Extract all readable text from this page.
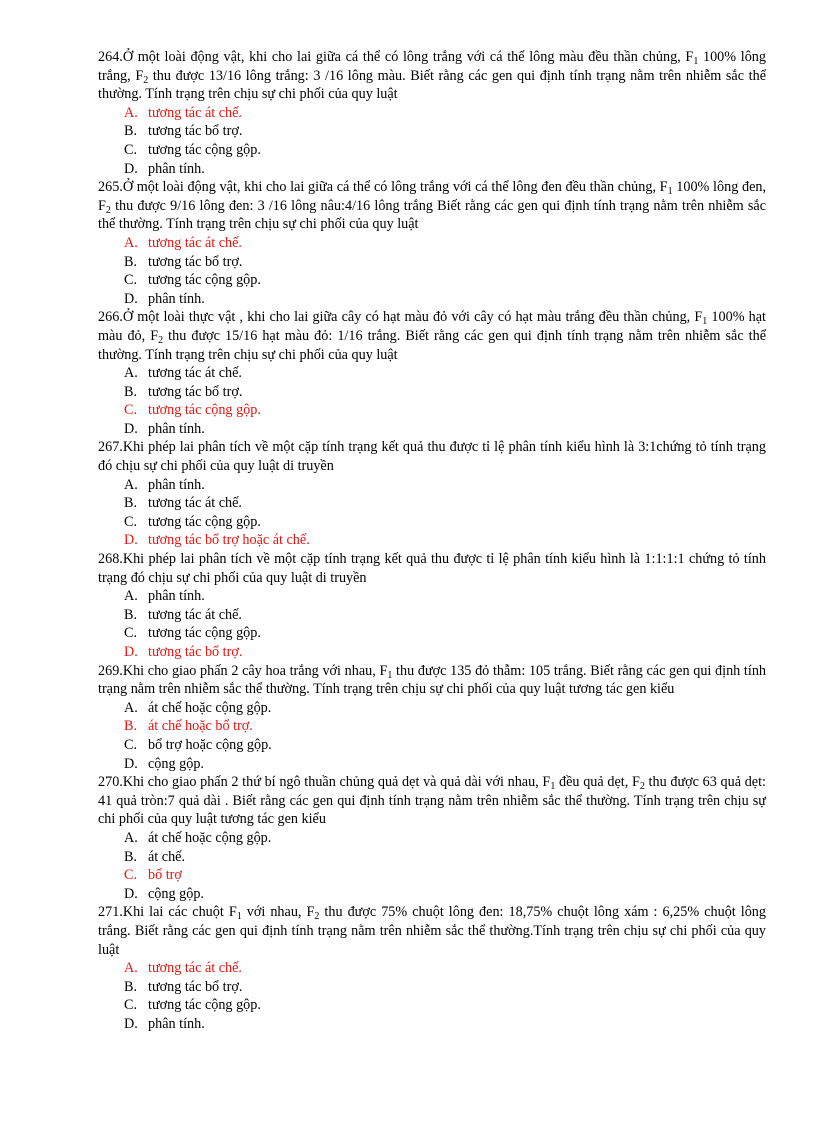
264.Ở một loài động vật, khi cho lai giữa cá thể có lông trắng với cá thể lông màu đều thần chủng, $F_1$ 100% lông trắng, $F_2$ thu được 13/16 lông trắng: 3 /16 lông màu. Biết rằng các gen qui định tính trạng nằm trên nhiễm sắc thể thường. Tính trạng trên chịu sự chi phối của quy luật
A. tương tác át chế.
B. tương tác bổ trợ.
C. tương tác cộng gộp.
D. phân tính.
265.Ở một loài động vật, khi cho lai giữa cá thể có lông trắng với cá thể lông đen đều thần chủng, $F_1$ 100% lông đen, $F_2$ thu được 9/16 lông đen: 3 /16 lông nâu:4/16 lông trắng Biết rằng các gen qui định tính trạng nằm trên nhiễm sắc thể thường. Tính trạng trên chịu sự chi phối của quy luật
A. tương tác át chế.
B. tương tác bổ trợ.
C. tương tác cộng gộp.
D. phân tính.
266.Ở một loài thực vật , khi cho lai giữa cây có hạt màu đỏ với cây có hạt màu trắng đều thần chủng, $F_1$ 100% hạt màu đỏ, $F_2$ thu được 15/16 hạt màu đỏ: 1/16 trắng. Biết rằng các gen qui định tính trạng nằm trên nhiễm sắc thể thường. Tính trạng trên chịu sự chi phối của quy luật
A. tương tác át chế.
B. tương tác bổ trợ.
C. tương tác cộng gộp.
D. phân tính.
267.Khi phép lai phân tích về một cặp tính trạng kết quả thu được tỉ lệ phân tính kiểu hình là 3:1chứng tỏ tính trạng đó chịu sự chi phối của quy luật di truyền
A. phân tính.
B. tương tác át chế.
C. tương tác cộng gộp.
D. tương tác bổ trợ hoặc át chế.
268.Khi phép lai phân tích về một cặp tính trạng kết quả thu được tỉ lệ phân tính kiểu hình là 1:1:1:1 chứng tỏ tính trạng đó chịu sự chi phối của quy luật di truyền
A. phân tính.
B. tương tác át chế.
C. tương tác cộng gộp.
D. tương tác bổ trợ.
269.Khi cho giao phấn 2 cây hoa trắng với nhau, $F_1$ thu được 135 đỏ thẫm: 105 trắng. Biết rằng các gen qui định tính trạng nằm trên nhiễm sắc thể thường. Tính trạng trên chịu sự chi phối của quy luật tương tác gen kiểu
A. át chế hoặc cộng gộp.
B. át chế hoặc bổ trợ.
C. bổ trợ hoặc cộng gộp.
D. cộng gộp.
270.Khi cho giao phấn 2 thứ bí ngô thuần chủng quả dẹt và quả dài với nhau, $F_1$ đều quả dẹt, $F_2$ thu được 63 quả dẹt: 41 quả tròn:7 quả dài . Biết rằng các gen qui định tính trạng nằm trên nhiễm sắc thể thường. Tính trạng trên chịu sự chi phối của quy luật tương tác gen kiểu
A. át chế hoặc cộng gộp.
B. át chế.
C. bổ trợ
D. cộng gộp.
271.Khi lai các chuột $F_1$ với nhau, $F_2$ thu được 75% chuột lông đen: 18,75% chuột lông xám : 6,25% chuột lông trắng. Biết rằng các gen qui định tính trạng nằm trên nhiễm sắc thể thường.Tính trạng trên chịu sự chi phối của quy luật
A. tương tác át chế.
B. tương tác bổ trợ.
C. tương tác cộng gộp.
D. phân tính.
